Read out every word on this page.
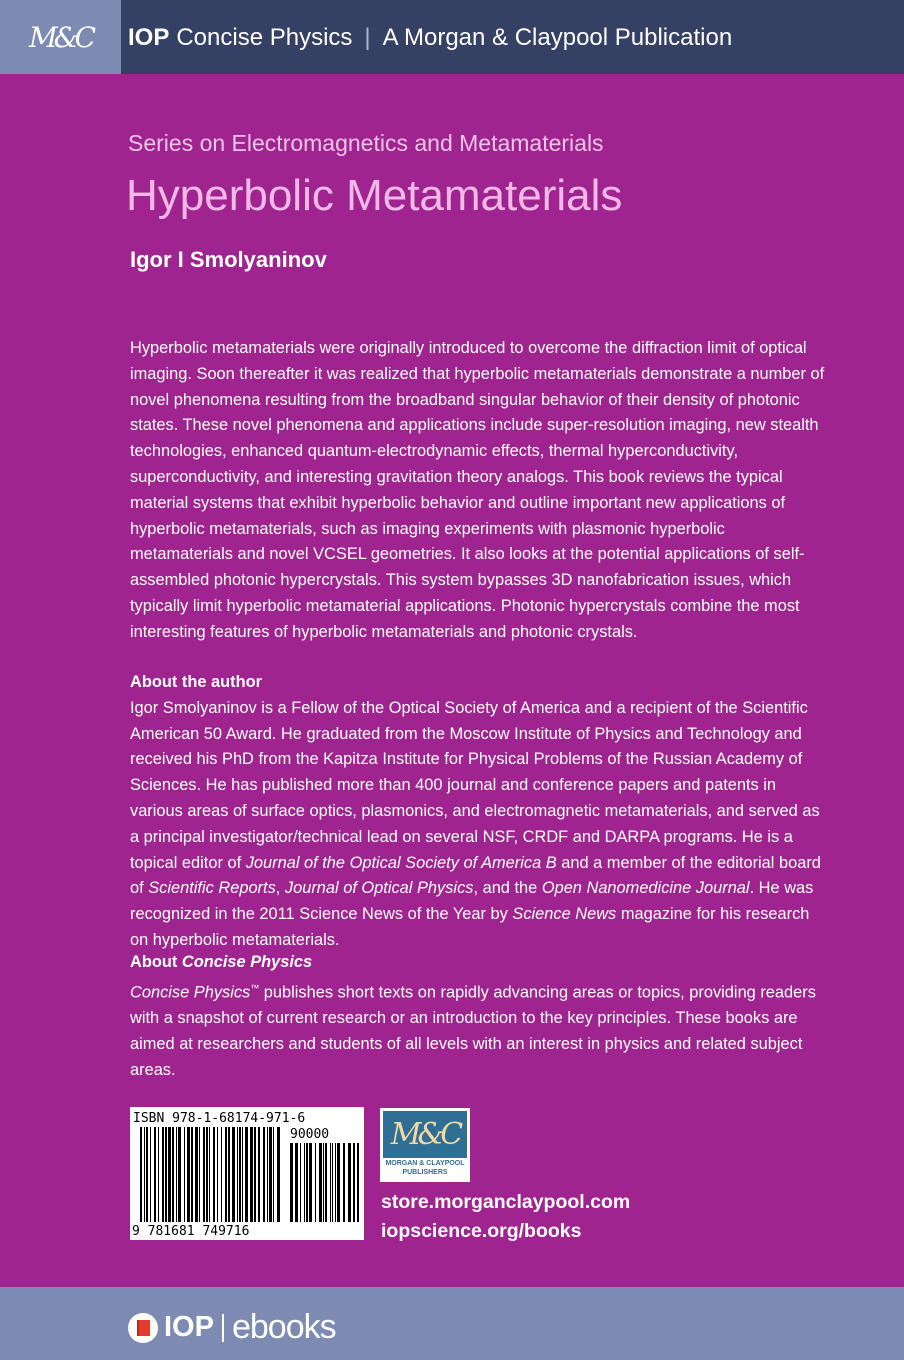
M&C IOP Concise Physics | A Morgan & Claypool Publication
Series on Electromagnetics and Metamaterials
Hyperbolic Metamaterials
Igor I Smolyaninov

Hyperbolic metamaterials were originally introduced to overcome the diffraction limit of optical imaging. Soon thereafter it was realized that hyperbolic metamaterials demonstrate a number of novel phenomena resulting from the broadband singular behavior of their density of photonic states. These novel phenomena and applications include super-resolution imaging, new stealth technologies, enhanced quantum-electrodynamic effects, thermal hyperconductivity, superconductivity, and interesting gravitation theory analogs. This book reviews the typical material systems that exhibit hyperbolic behavior and outline important new applications of hyperbolic metamaterials, such as imaging experiments with plasmonic hyperbolic metamaterials and novel VCSEL geometries. It also looks at the potential applications of self-assembled photonic hypercrystals. This system bypasses 3D nanofabrication issues, which typically limit hyperbolic metamaterial applications. Photonic hypercrystals combine the most interesting features of hyperbolic metamaterials and photonic crystals.

About the author

Igor Smolyaninov is a Fellow of the Optical Society of America and a recipient of the Scientific American 50 Award. He graduated from the Moscow Institute of Physics and Technology and received his PhD from the Kapitza Institute for Physical Problems of the Russian Academy of Sciences. He has published more than 400 journal and conference papers and patents in various areas of surface optics, plasmonics, and electromagnetic metamaterials, and served as a principal investigator/technical lead on several NSF, CRDF and DARPA programs. He is a topical editor of Journal of the Optical Society of America B and a member of the editorial board of Scientific Reports, Journal of Optical Physics, and the Open Nanomedicine Journal. He was recognized in the 2011 Science News of the Year by Science News magazine for his research on hyperbolic metamaterials.

About Concise Physics

Concise Physics™ publishes short texts on rapidly advancing areas or topics, providing readers with a snapshot of current research or an introduction to the key principles. These books are aimed at researchers and students of all levels with an interest in physics and related subject areas.

ISBN 978-1-68174-971-6
90000
9 781681 749716
M&C
MORGAN & CLAYPOOL
PUBLISHERS
store.morganclaypool.com
iopscience.org/books
IOP ebooks
